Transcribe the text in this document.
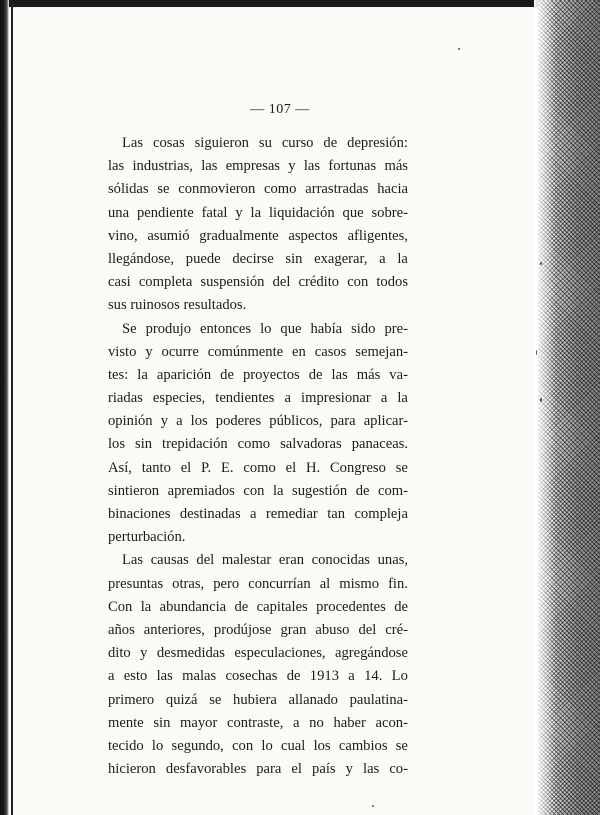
— 107 —
Las cosas siguieron su curso de depresión:
las industrias, las empresas y las fortunas más
sólidas se conmovieron como arrastradas hacia
una pendiente fatal y la liquidación que sobre-
vino, asumió gradualmente aspectos afligentes,
llegándose, puede decirse sin exagerar, a la
casi completa suspensión del crédito con todos
sus
ruinosos
resultados.

Se produjo entonces lo que había sido pre-
visto y ocurre comúnmente en casos semejan-
tes: la aparición de proyectos de las más va-
riadas especies, tendientes a impresionar a la
opinión y a los poderes públicos, para aplicar-
los sin trepidación como salvadoras panaceas.
Así, tanto el P. E. como el H. Congreso se
sintieron apremiados con la sugestión de com-
binaciones destinadas a remediar tan compleja
perturbación.

Las causas del malestar eran conocidas unas,
presuntas otras, pero concurrían al mismo fin.
Con la abundancia de capitales procedentes de
años anteriores, prodújose gran abuso del cré-
dito y desmedidas especulaciones, agregándose
a esto las malas cosechas de 1913 a 14. Lo
primero quizá se hubiera allanado paulatina-
mente sin mayor contraste, a no haber acon-
tecido lo segundo, con lo cual los cambios se
hicieron desfavorables para el país y las co-
